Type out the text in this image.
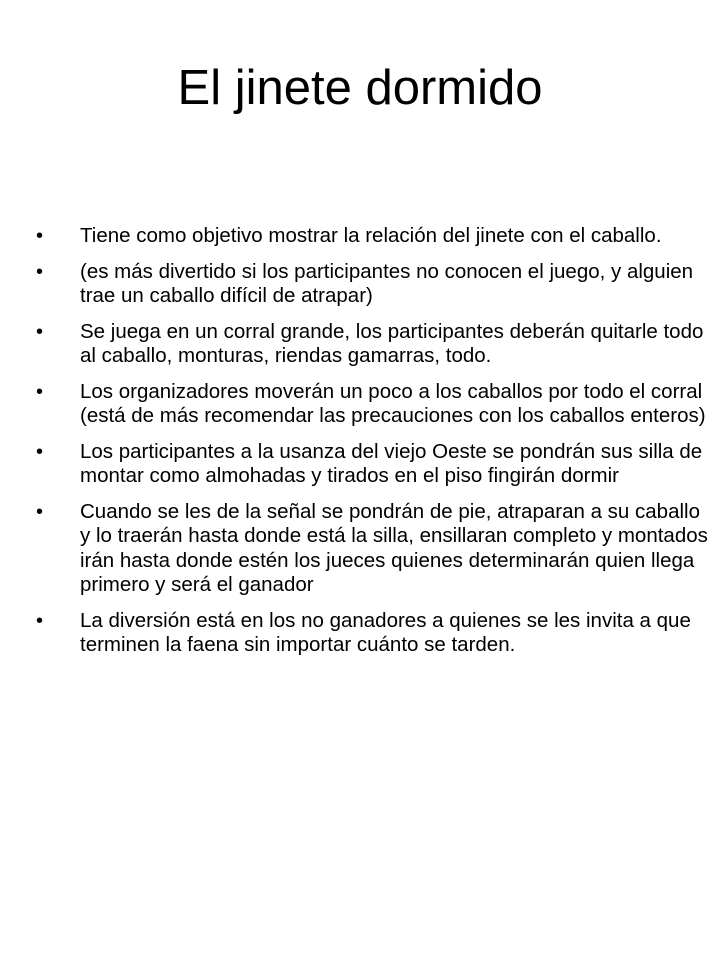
El jinete dormido
•	Tiene como objetivo mostrar la relación del jinete con el caballo.
•	(es más divertido si los participantes no conocen el juego, y alguien trae un caballo difícil de atrapar)
•	Se juega en un corral grande, los participantes deberán quitarle todo al caballo, monturas, riendas gamarras, todo.
•	Los organizadores moverán un poco a los caballos por todo el corral (está de más recomendar las precauciones con los caballos enteros)
•	Los participantes a la usanza del viejo Oeste se pondrán sus silla de montar como almohadas y tirados en el piso fingirán dormir
•	Cuando se les de la señal se pondrán de pie, atraparan a su caballo y lo traerán hasta donde está la silla, ensillaran completo y montados irán hasta donde estén los jueces quienes determinarán quien llega primero y será el ganador
•	La diversión está en los no ganadores a quienes se les invita a que terminen la faena sin importar cuánto se tarden.
